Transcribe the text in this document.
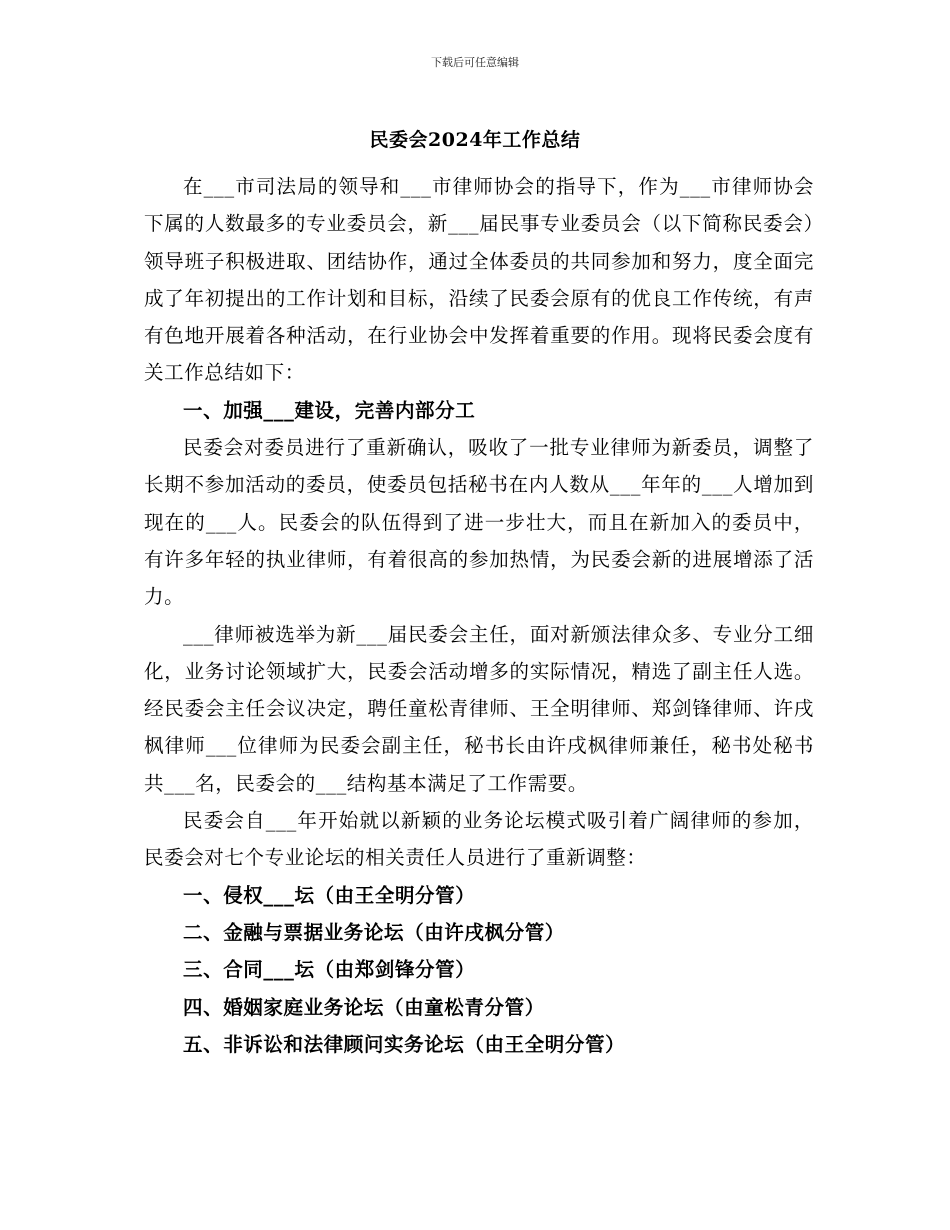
下载后可任意编辑
民委会2024年工作总结

在___市司法局的领导和___市律师协会的指导下，作为___市律师协会下属的人数最多的专业委员会，新___届民事专业委员会（以下简称民委会）领导班子积极进取、团结协作，通过全体委员的共同参加和努力，度全面完成了年初提出的工作计划和目标，沿续了民委会原有的优良工作传统，有声有色地开展着各种活动，在行业协会中发挥着重要的作用。现将民委会度有关工作总结如下：

一、加强___建设，完善内部分工

民委会对委员进行了重新确认，吸收了一批专业律师为新委员，调整了长期不参加活动的委员，使委员包括秘书在内人数从___年年的___人增加到现在的___人。民委会的队伍得到了进一步壮大，而且在新加入的委员中，有许多年轻的执业律师，有着很高的参加热情，为民委会新的进展增添了活力。

___律师被选举为新___届民委会主任，面对新颁法律众多、专业分工细化，业务讨论领域扩大，民委会活动增多的实际情况，精选了副主任人选。经民委会主任会议决定，聘任童松青律师、王全明律师、郑剑锋律师、许戌枫律师___位律师为民委会副主任，秘书长由许戌枫律师兼任，秘书处秘书共___名，民委会的___结构基本满足了工作需要。

民委会自___年开始就以新颖的业务论坛模式吸引着广阔律师的参加，民委会对七个专业论坛的相关责任人员进行了重新调整：

一、侵权___坛（由王全明分管）

二、金融与票据业务论坛（由许戌枫分管）

三、合同___坛（由郑剑锋分管）

四、婚姻家庭业务论坛（由童松青分管）

五、非诉讼和法律顾问实务论坛（由王全明分管）
